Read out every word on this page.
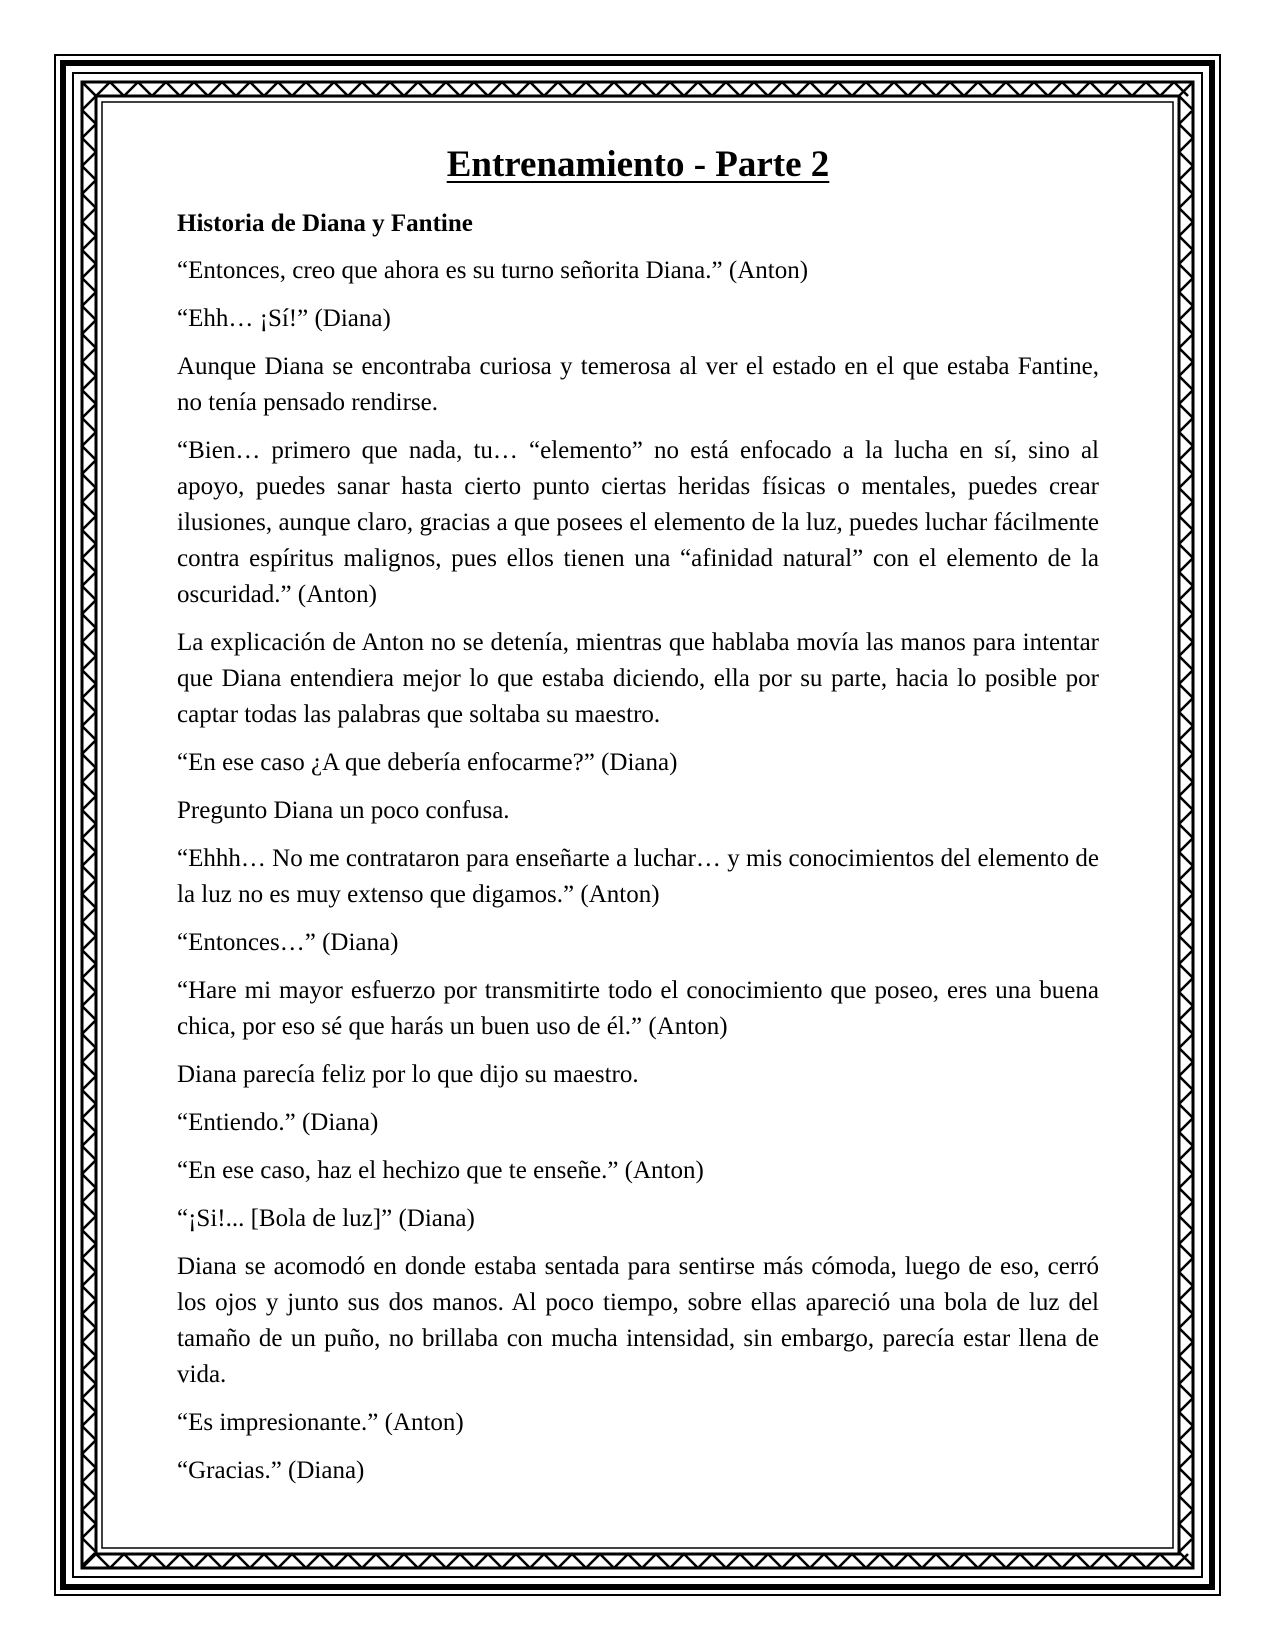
Entrenamiento - Parte 2
Historia de Diana y Fantine
“Entonces, creo que ahora es su turno señorita Diana.” (Anton)
“Ehh… ¡Sí!” (Diana)
Aunque Diana se encontraba curiosa y temerosa al ver el estado en el que estaba Fantine, no tenía pensado rendirse.
“Bien… primero que nada, tu… “elemento” no está enfocado a la lucha en sí, sino al apoyo, puedes sanar hasta cierto punto ciertas heridas físicas o mentales, puedes crear ilusiones, aunque claro, gracias a que posees el elemento de la luz, puedes luchar fácilmente contra espíritus malignos, pues ellos tienen una “afinidad natural” con el elemento de la oscuridad.” (Anton)
La explicación de Anton no se detenía, mientras que hablaba movía las manos para intentar que Diana entendiera mejor lo que estaba diciendo, ella por su parte, hacia lo posible por captar todas las palabras que soltaba su maestro.
“En ese caso ¿A que debería enfocarme?” (Diana)
Pregunto Diana un poco confusa.
“Ehhh… No me contrataron para enseñarte a luchar… y mis conocimientos del elemento de la luz no es muy extenso que digamos.” (Anton)
“Entonces…” (Diana)
“Hare mi mayor esfuerzo por transmitirte todo el conocimiento que poseo, eres una buena chica, por eso sé que harás un buen uso de él.” (Anton)
Diana parecía feliz por lo que dijo su maestro.
“Entiendo.” (Diana)
“En ese caso, haz el hechizo que te enseñe.” (Anton)
“¡Si!... [Bola de luz]” (Diana)
Diana se acomodó en donde estaba sentada para sentirse más cómoda, luego de eso, cerró los ojos y junto sus dos manos. Al poco tiempo, sobre ellas apareció una bola de luz del tamaño de un puño, no brillaba con mucha intensidad, sin embargo, parecía estar llena de vida.
“Es impresionante.” (Anton)
“Gracias.” (Diana)
